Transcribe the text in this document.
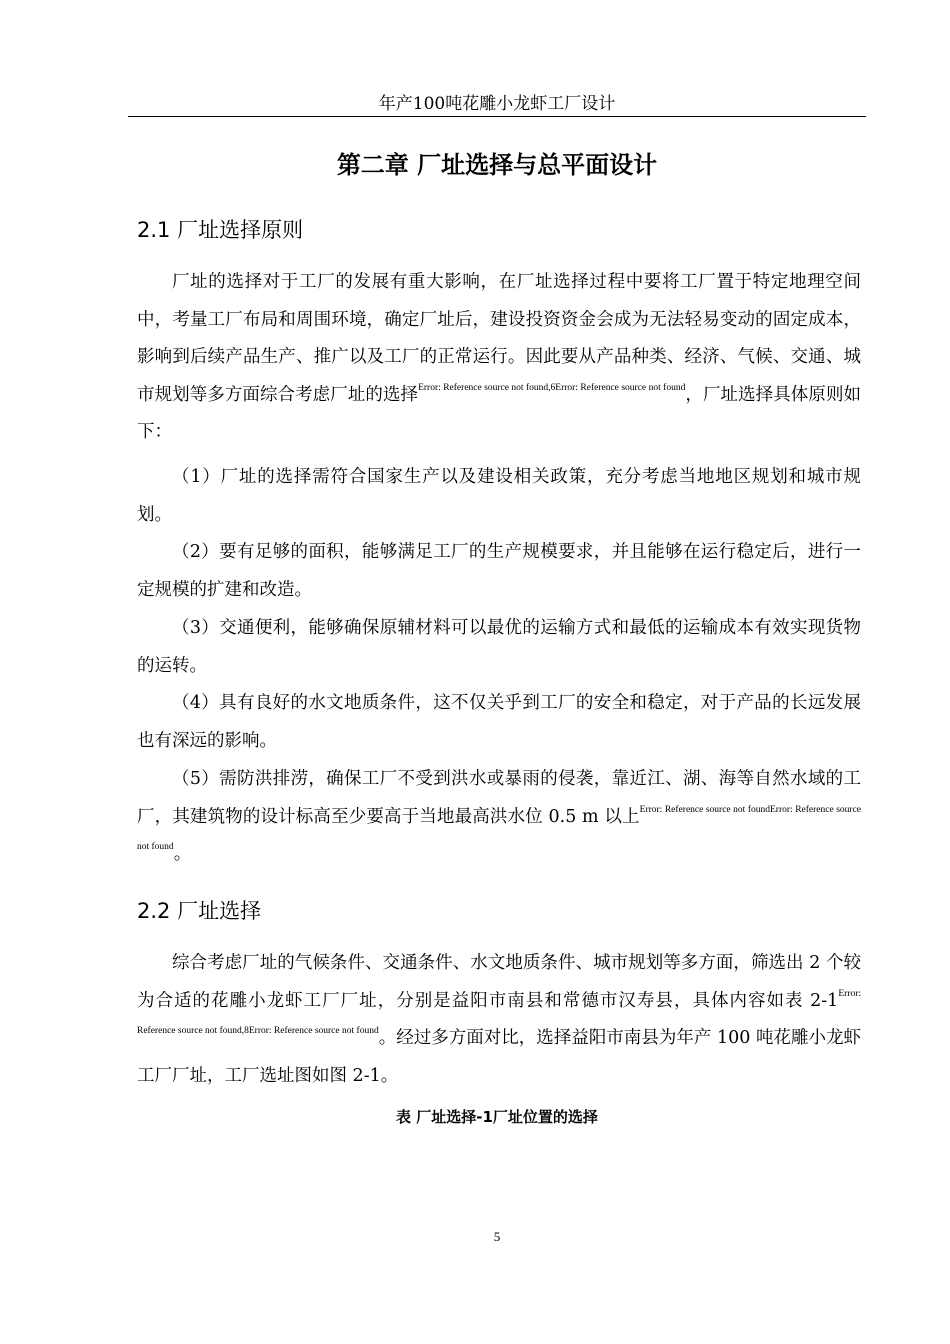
年产100吨花雕小龙虾工厂设计
第二章 厂址选择与总平面设计
2.1 厂址选择原则

厂址的选择对于工厂的发展有重大影响，在厂址选择过程中要将工厂置于特定地理空间中，考量工厂布局和周围环境，确定厂址后，建设投资资金会成为无法轻易变动的固定成本，影响到后续产品生产、推广以及工厂的正常运行。因此要从产品种类、经济、气候、交通、城市规划等多方面综合考虑厂址的选择$^{Error: Reference source not found,6Error: Reference source not found}$，厂址选择具体原则如下：

（1）厂址的选择需符合国家生产以及建设相关政策，充分考虑当地地区规划和城市规划。

（2）要有足够的面积，能够满足工厂的生产规模要求，并且能够在运行稳定后，进行一定规模的扩建和改造。

（3）交通便利，能够确保原辅材料可以最优的运输方式和最低的运输成本有效实现货物的运转。

（4）具有良好的水文地质条件，这不仅关乎到工厂的安全和稳定，对于产品的长远发展也有深远的影响。

（5）需防洪排涝，确保工厂不受到洪水或暴雨的侵袭，靠近江、湖、海等自然水域的工厂，其建筑物的设计标高至少要高于当地最高洪水位 0.5 m 以上$^{Error: Reference source not foundError: Reference source not found}$。

2.2 厂址选择

综合考虑厂址的气候条件、交通条件、水文地质条件、城市规划等多方面，筛选出 2 个较为合适的花雕小龙虾工厂厂址，分别是益阳市南县和常德市汉寿县，具体内容如表 2-1$^{Error: Reference source not found,8Error: Reference source not found}$。经过多方面对比，选择益阳市南县为年产 100 吨花雕小龙虾工厂厂址，工厂选址图如图 2-1。

表 厂址选择-1厂址位置的选择
5
